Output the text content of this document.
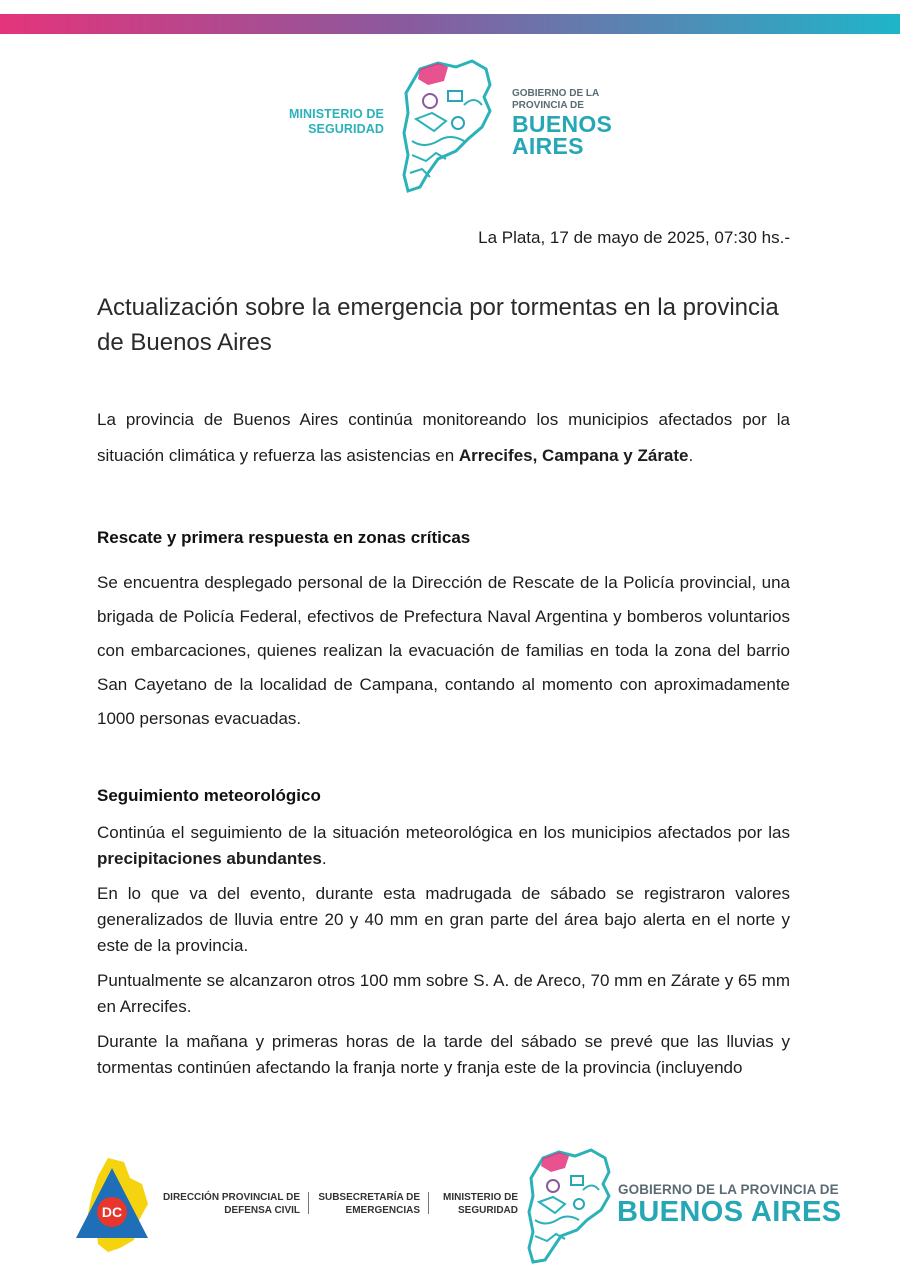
MINISTERIO DE
SEGURIDAD
GOBIERNO DE LA
PROVINCIA DE
BUENOS
AIRES
La Plata, 17 de mayo de 2025, 07:30 hs.-
Actualización sobre la emergencia por tormentas en la provincia de Buenos Aires
La provincia de Buenos Aires continúa monitoreando los municipios afectados por la situación climática y refuerza las asistencias en Arrecifes, Campana y Zárate.
Rescate y primera respuesta en zonas críticas
Se encuentra desplegado personal de la Dirección de Rescate de la Policía provincial, una brigada de Policía Federal, efectivos de Prefectura Naval Argentina y bomberos voluntarios con embarcaciones, quienes realizan la evacuación de familias en toda la zona del barrio San Cayetano de la localidad de Campana, contando al momento con aproximadamente 1000 personas evacuadas.
Seguimiento meteorológico
Continúa el seguimiento de la situación meteorológica en los municipios afectados por las precipitaciones abundantes.
En lo que va del evento, durante esta madrugada de sábado se registraron valores generalizados de lluvia entre 20 y 40 mm en gran parte del área bajo alerta en el norte y este de la provincia.
Puntualmente se alcanzaron otros 100 mm sobre S. A. de Areco, 70 mm en Zárate y 65 mm en Arrecifes.
Durante la mañana y primeras horas de la tarde del sábado se prevé que las lluvias y tormentas continúen afectando la franja norte y franja este de la provincia (incluyendo
DC
DIRECCIÓN PROVINCIAL DE
DEFENSA CIVIL
SUBSECRETARÍA DE
EMERGENCIAS
MINISTERIO DE
SEGURIDAD
GOBIERNO DE LA PROVINCIA DE
BUENOS AIRES
